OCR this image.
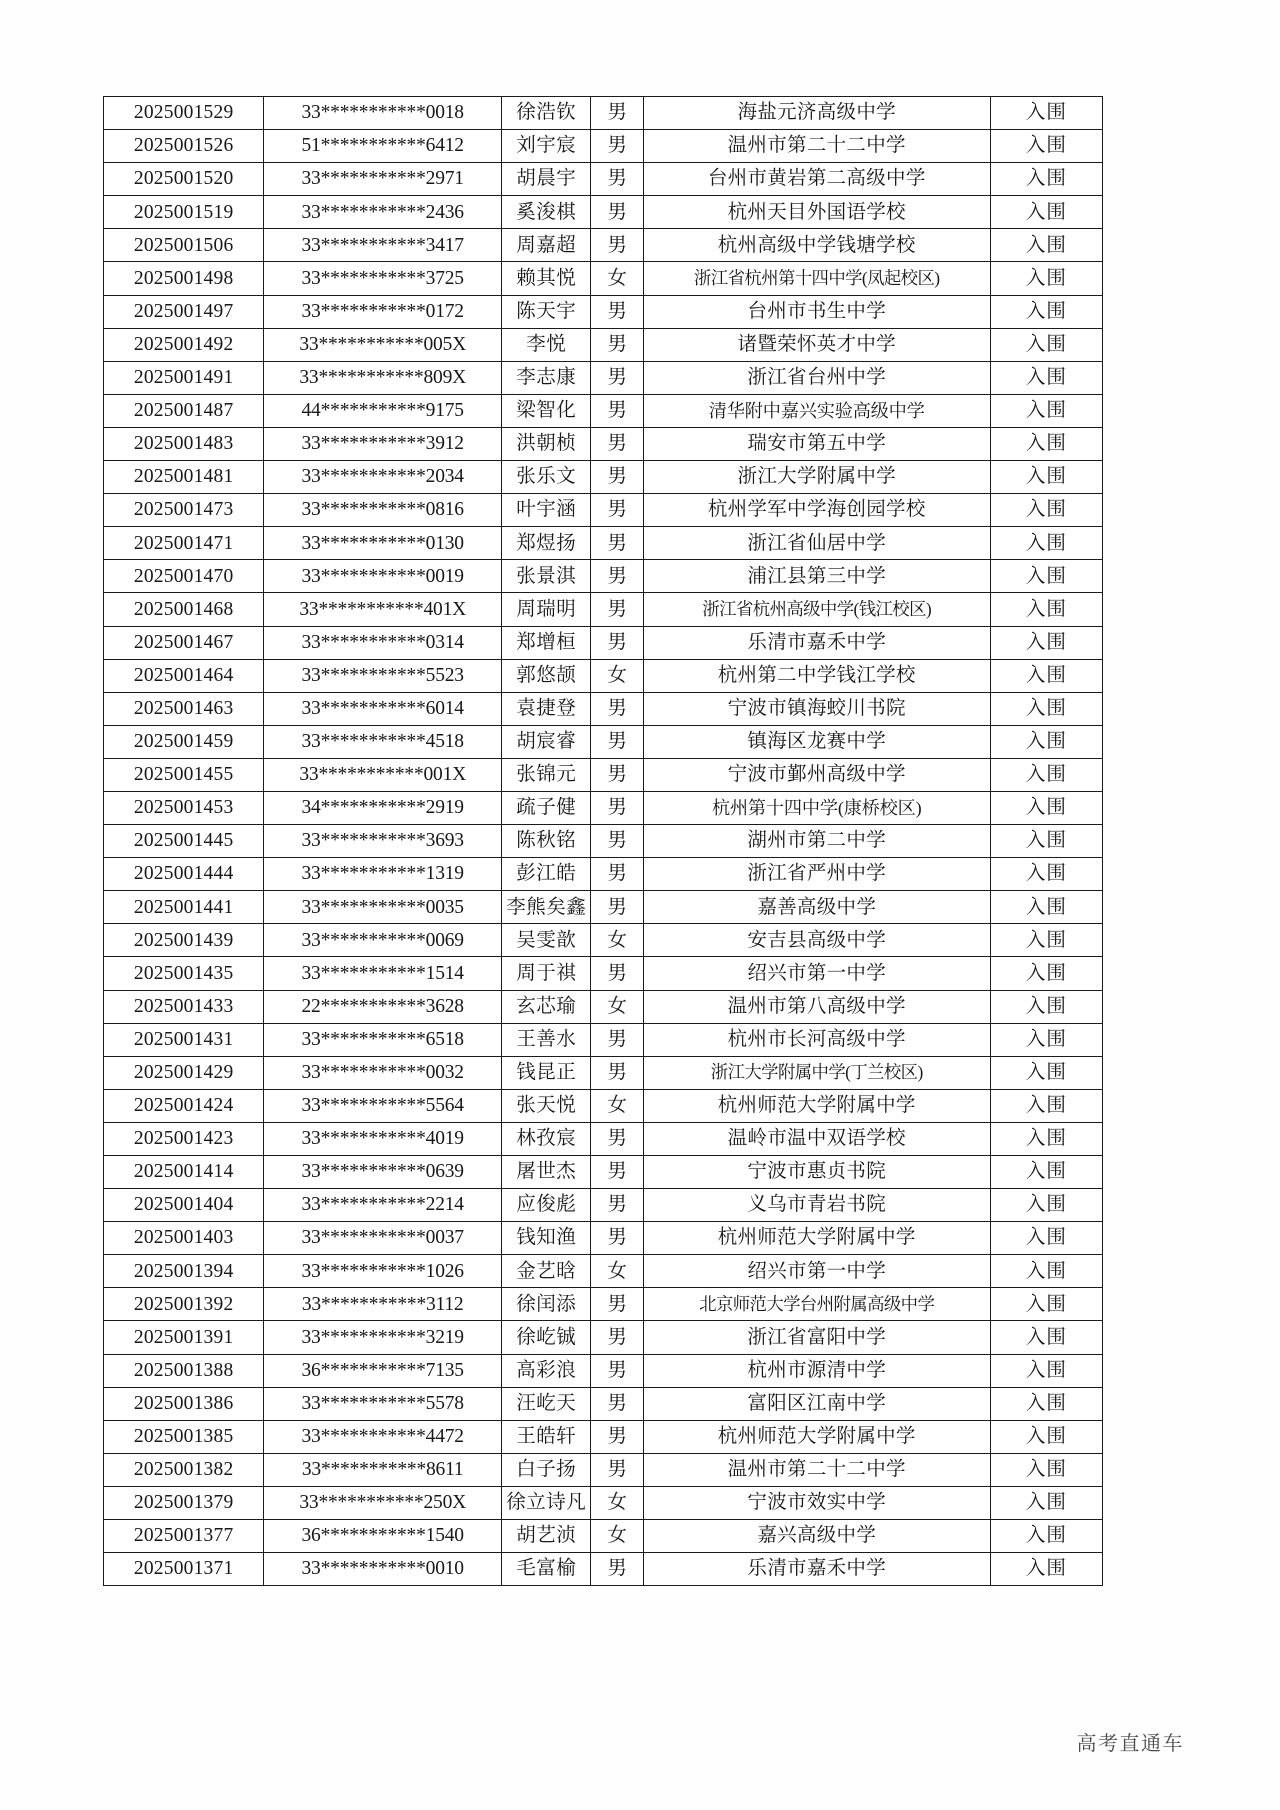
2025001529	33***********0018	徐浩钦	男	海盐元济高级中学	入围
2025001526	51***********6412	刘宇宸	男	温州市第二十二中学	入围
2025001520	33***********2971	胡晨宇	男	台州市黄岩第二高级中学	入围
2025001519	33***********2436	奚浚棋	男	杭州天目外国语学校	入围
2025001506	33***********3417	周嘉超	男	杭州高级中学钱塘学校	入围
2025001498	33***********3725	赖其悦	女	浙江省杭州第十四中学(凤起校区)	入围
2025001497	33***********0172	陈天宇	男	台州市书生中学	入围
2025001492	33***********005X	李悦	男	诸暨荣怀英才中学	入围
2025001491	33***********809X	李志康	男	浙江省台州中学	入围
2025001487	44***********9175	梁智化	男	清华附中嘉兴实验高级中学	入围
2025001483	33***********3912	洪朝桢	男	瑞安市第五中学	入围
2025001481	33***********2034	张乐文	男	浙江大学附属中学	入围
2025001473	33***********0816	叶宇涵	男	杭州学军中学海创园学校	入围
2025001471	33***********0130	郑煜扬	男	浙江省仙居中学	入围
2025001470	33***********0019	张景淇	男	浦江县第三中学	入围
2025001468	33***********401X	周瑞明	男	浙江省杭州高级中学(钱江校区)	入围
2025001467	33***********0314	郑增桓	男	乐清市嘉禾中学	入围
2025001464	33***********5523	郭悠颉	女	杭州第二中学钱江学校	入围
2025001463	33***********6014	袁捷登	男	宁波市镇海蛟川书院	入围
2025001459	33***********4518	胡宸睿	男	镇海区龙赛中学	入围
2025001455	33***********001X	张锦元	男	宁波市鄞州高级中学	入围
2025001453	34***********2919	疏子健	男	杭州第十四中学(康桥校区)	入围
2025001445	33***********3693	陈秋铭	男	湖州市第二中学	入围
2025001444	33***********1319	彭江皓	男	浙江省严州中学	入围
2025001441	33***********0035	李熊矣鑫	男	嘉善高级中学	入围
2025001439	33***********0069	吴雯歆	女	安吉县高级中学	入围
2025001435	33***********1514	周于祺	男	绍兴市第一中学	入围
2025001433	22***********3628	玄芯瑜	女	温州市第八高级中学	入围
2025001431	33***********6518	王善水	男	杭州市长河高级中学	入围
2025001429	33***********0032	钱昆正	男	浙江大学附属中学(丁兰校区)	入围
2025001424	33***********5564	张天悦	女	杭州师范大学附属中学	入围
2025001423	33***********4019	林孜宸	男	温岭市温中双语学校	入围
2025001414	33***********0639	屠世杰	男	宁波市惠贞书院	入围
2025001404	33***********2214	应俊彪	男	义乌市青岩书院	入围
2025001403	33***********0037	钱知渔	男	杭州师范大学附属中学	入围
2025001394	33***********1026	金艺晗	女	绍兴市第一中学	入围
2025001392	33***********3112	徐闰添	男	北京师范大学台州附属高级中学	入围
2025001391	33***********3219	徐屹铖	男	浙江省富阳中学	入围
2025001388	36***********7135	高彩浪	男	杭州市源清中学	入围
2025001386	33***********5578	汪屹天	男	富阳区江南中学	入围
2025001385	33***********4472	王皓轩	男	杭州师范大学附属中学	入围
2025001382	33***********8611	白子扬	男	温州市第二十二中学	入围
2025001379	33***********250X	徐立诗凡	女	宁波市效实中学	入围
2025001377	36***********1540	胡艺浈	女	嘉兴高级中学	入围
2025001371	33***********0010	毛富榆	男	乐清市嘉禾中学	入围
高考直通车
